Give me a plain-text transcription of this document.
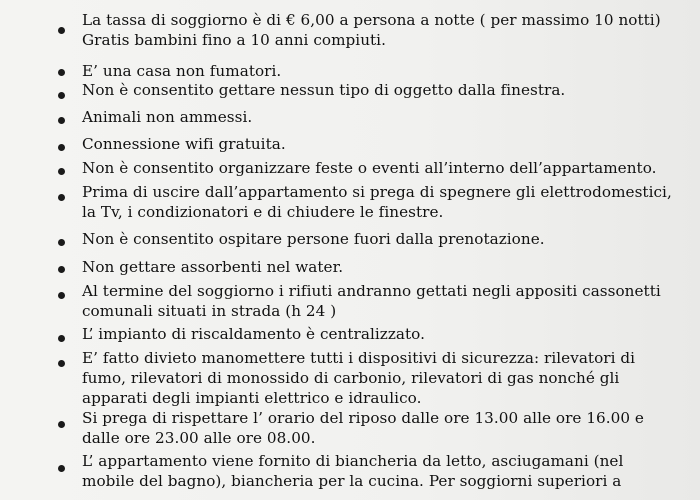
La tassa di soggiorno è di € 6,00 a persona a notte ( per massimo 10 notti)
Gratis bambini fino a 10 anni compiuti.
E’ una casa non fumatori.
Non è consentito gettare nessun tipo di oggetto dalla finestra.
Animali non ammessi.
Connessione wifi gratuita.
Non è consentito organizzare feste o eventi all’interno dell’appartamento.
Prima di uscire dall’appartamento si prega di spegnere gli elettrodomestici,
la Tv, i condizionatori e di chiudere le finestre.
Non è consentito ospitare persone fuori dalla prenotazione.
Non gettare assorbenti nel water.
Al termine del soggiorno i rifiuti andranno gettati negli appositi cassonetti
comunali situati in strada (h 24 )
L’ impianto di riscaldamento è centralizzato.
E’ fatto divieto manomettere tutti i dispositivi di sicurezza: rilevatori di
fumo, rilevatori di monossido di carbonio, rilevatori di gas nonché gli
apparati degli impianti elettrico e idraulico.
Si prega di rispettare l’ orario del riposo dalle ore 13.00 alle ore 16.00 e
dalle ore 23.00 alle ore 08.00.
L’ appartamento viene fornito di biancheria da letto, asciugamani (nel
mobile del bagno), biancheria per la cucina. Per soggiorni superiori a
